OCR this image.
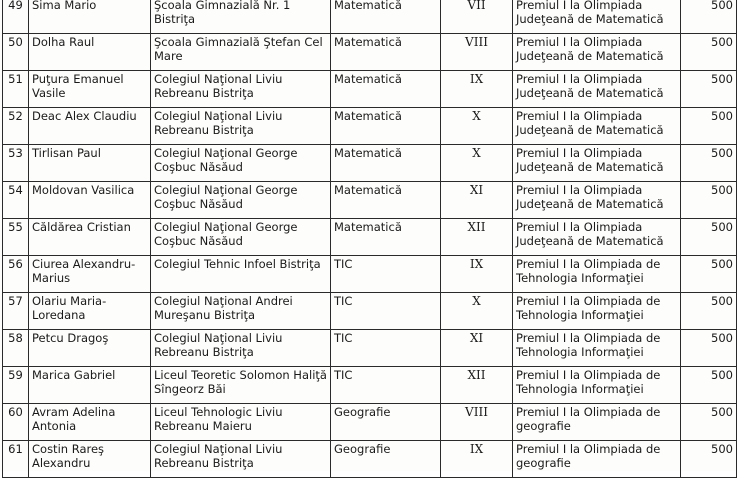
49	Sima Mario	Şcoala Gimnazială Nr. 1 Bistriţa	Matematică	VII	Premiul I la Olimpiada Judeţeană de Matematică	500
50	Dolha Raul	Şcoala Gimnazială Ştefan Cel Mare	Matematică	VIII	Premiul I la Olimpiada Judeţeană de Matematică	500
51	Puţura Emanuel Vasile	Colegiul Naţional Liviu Rebreanu Bistriţa	Matematică	IX	Premiul I la Olimpiada Judeţeană de Matematică	500
52	Deac Alex Claudiu	Colegiul Naţional Liviu Rebreanu Bistriţa	Matematică	X	Premiul I la Olimpiada Judeţeană de Matematică	500
53	Tirlisan Paul	Colegiul Naţional George Coşbuc Năsăud	Matematică	X	Premiul I la Olimpiada Judeţeană de Matematică	500
54	Moldovan Vasilica	Colegiul Naţional George Coşbuc Năsăud	Matematică	XI	Premiul I la Olimpiada Judeţeană de Matematică	500
55	Căldărea Cristian	Colegiul Naţional George Coşbuc Năsăud	Matematică	XII	Premiul I la Olimpiada Judeţeană de Matematică	500
56	Ciurea Alexandru-Marius	Colegiul Tehnic Infoel Bistriţa	TIC	IX	Premiul I la Olimpiada de Tehnologia Informaţiei	500
57	Olariu Maria-Loredana	Colegiul Naţional Andrei Mureşanu Bistriţa	TIC	X	Premiul I la Olimpiada de Tehnologia Informaţiei	500
58	Petcu Dragoş	Colegiul Naţional Liviu Rebreanu Bistriţa	TIC	XI	Premiul I la Olimpiada de Tehnologia Informaţiei	500
59	Marica Gabriel	Liceul Teoretic Solomon Haliţă Sîngeorz Băi	TIC	XII	Premiul I la Olimpiada de Tehnologia Informaţiei	500
60	Avram Adelina Antonia	Liceul Tehnologic Liviu Rebreanu Maieru	Geografie	VIII	Premiul I la Olimpiada de geografie	500
61	Costin Rareş Alexandru	Colegiul Naţional Liviu Rebreanu Bistriţa	Geografie	IX	Premiul I la Olimpiada de geografie	500
